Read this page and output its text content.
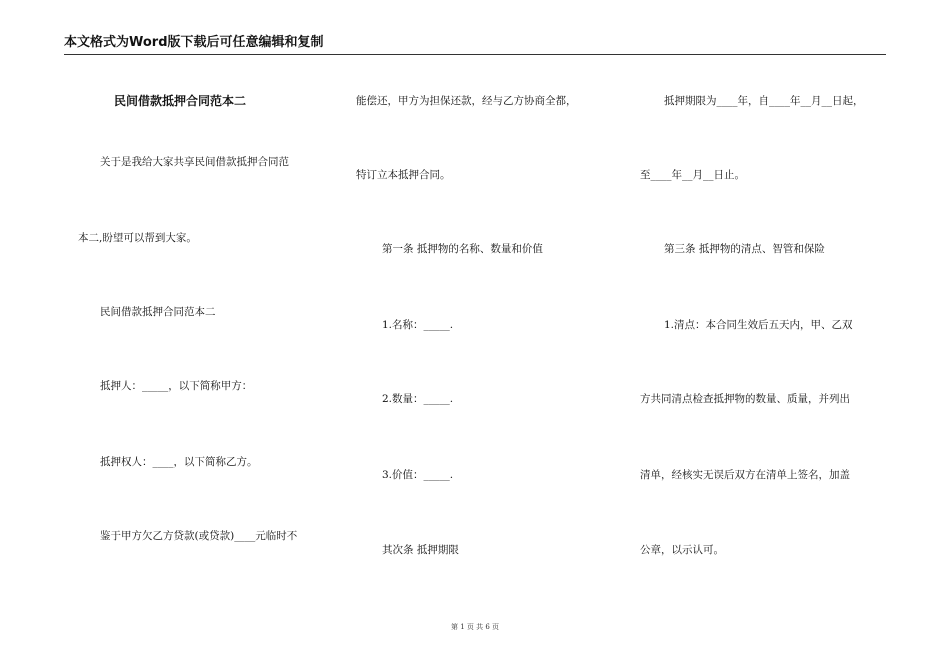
本文格式为Word版下载后可任意编辑和复制
民间借款抵押合同范本二
关于是我给大家共享民间借款抵押合同范
本二,盼望可以帮到大家。
民间借款抵押合同范本二
抵押人：_____，以下简称甲方：
抵押权人：____，以下简称乙方。
鉴于甲方欠乙方贷款(或贷款)____元临时不
能偿还，甲方为担保还款，经与乙方协商全都，
特订立本抵押合同。
第一条 抵押物的名称、数量和价值
1.名称：_____.
2.数量：_____.
3.价值：_____.
其次条 抵押期限
抵押期限为____年，自____年__月__日起，
至____年__月__日止。
第三条 抵押物的清点、智管和保险
1.清点：本合同生效后五天内，甲、乙双
方共同清点检查抵押物的数量、质量，并列出
清单，经核实无误后双方在清单上签名，加盖
公章，以示认可。
第 1 页 共 6 页
